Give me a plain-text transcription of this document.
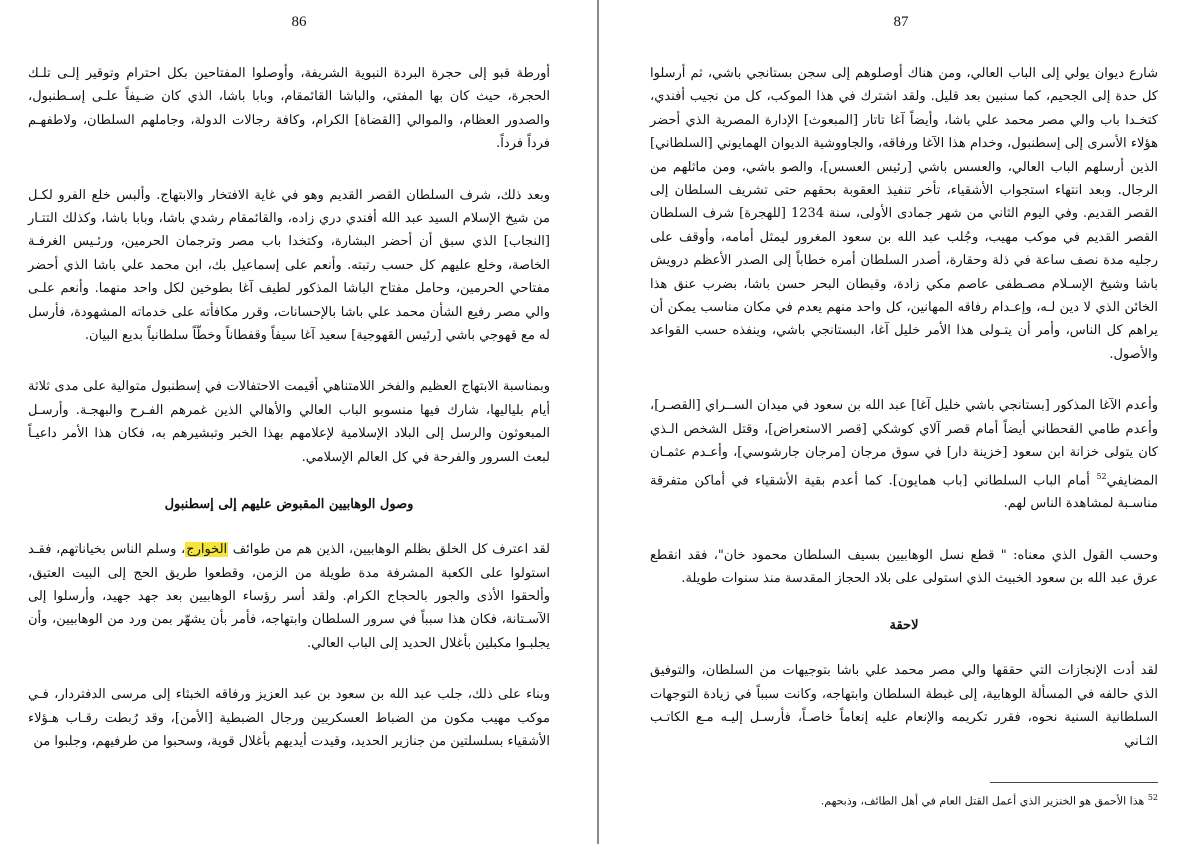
86

أورطة قبو إلى حجرة البردة النبوية الشريفة، وأوصلوا المفتاحين بكل احترام وتوقير إلـى تلـك الحجرة، حيث كان بها المفتي، والباشا القائمقام، وبابا باشا، الذي كان ضـيفاً علـى إسـطنبول، والصدور العظام، والموالي [القضاة] الكرام، وكافة رجالات الدولة، وجاملهم السلطان، ولاطفهـم فرداً فرداً.

وبعد ذلك، شرف السلطان القصر القديم وهو في غاية الافتخار والابتهاج. وألبس خلع الفرو لكـل من شيخ الإسلام السيد عبد الله أفندي دري زاده، والقائمقام رشدي باشا، وبابا باشا، وكذلك التتـار [النجاب] الذي سبق أن أحضر البشارة، وكتخدا باب مصر وترجمان الحرمين، ورئـيس الغرفـة الخاصة، وخلع عليهم كل حسب رتبته. وأنعم على إسماعيل بك، ابن محمد علي باشا الذي أحضر مفتاحي الحرمين، وحامل مفتاح الباشا المذكور لطيف آغا بطوخين لكل واحد منهما. وأنعم علـى والي مصر رفيع الشأن محمد علي باشا بالإحسانات، وقرر مكافأته على خدماته المشهودة، فأرسل له مع قهوجي باشي [رئيس القهوجية] سعيد آغا سيفاً وقفطاناً وخطّاً سلطانياً بديع البيان.

وبمناسبة الابتهاج العظيم والفخر اللامتناهي أقيمت الاحتفالات في إسطنبول متوالية على مدى ثلاثة أيام بلياليها، شارك فيها منسوبو الباب العالي والأهالي الذين غمرهم الفـرح والبهجـة. وأرسـل المبعوثون والرسل إلى البلاد الإسلامية لإعلامهم بهذا الخبر وتبشيرهم به، فكان هذا الأمر داعيـاً لبعث السرور والفرحة في كل العالم الإسلامي.

وصول الوهابيين المقبوض عليهم إلى إسطنبول

لقد اعترف كل الخلق بظلم الوهابيين، الذين هم من طوائف الخوارج، وسلم الناس بخياناتهم، فقـد استولوا على الكعبة المشرفة مدة طويلة من الزمن، وقطعوا طريق الحج إلى البيت العتيق، وألحقوا الأذى والجور بالحجاج الكرام. ولقد أسر رؤساء الوهابيين بعد جهد جهيد، وأرسلوا إلى الآسـتانة، فكان هذا سبباً في سرور السلطان وابتهاجه، فأمر بأن يشهّر بمن ورد من الوهابيين، وأن يجلبـوا مكبلين بأغلال الحديد إلى الباب العالي.

وبناء على ذلك، جلب عبد الله بن سعود بن عبد العزيز ورفاقه الخبثاء إلى مرسى الدفتردار، فـي موكب مهيب مكون من الضباط العسكريين ورجال الضبطية [الأمن]، وقد رُبطت رقـاب هـؤلاء الأشقياء بسلسلتين من جنازير الحديد، وقيدت أيديهم بأغلال قوية، وسحبوا من طرفيهم، وجلبوا من

87

شارع ديوان يولي إلى الباب العالي، ومن هناك أوصلوهم إلى سجن بستانجي باشي، ثم أرسلوا كل حدة إلى الجحيم، كما سنبين بعد قليل. ولقد اشترك في هذا الموكب، كل من نجيب أفندي، كتخـدا باب والي مصر محمد علي باشا، وأيضاً آغا تاتار [المبعوث] الإدارة المصرية الذي أحضر هؤلاء الأسرى إلى إسطنبول، وخدام هذا الآغا ورفاقه، والجاووشية الديوان الهمايوني [السلطاني] الذين أرسلهم الباب العالي، والعسس باشي [رئيس العسس]، والصو باشي، ومن ماثلهم من الرجال. وبعد انتهاء استجواب الأشقياء، تأخر تنفيذ العقوبة بحقهم حتى تشريف السلطان إلى القصر القديم. وفي اليوم الثاني من شهر جمادى الأولى، سنة 1234 [للهجرة] شرف السلطان القصر القديم في موكب مهيب، وجُلب عبد الله بن سعود المغرور ليمثل أمامه، وأوقف على رجليه مدة نصف ساعة في ذلة وحقارة، أصدر السلطان أمره خطاباً إلى الصدر الأعظم درويش باشا وشيخ الإسـلام مصـطفى عاصم مكي زادة، وقبطان البحر حسن باشا، بضرب عنق هذا الخائن الذي لا دين لـه، وإعـدام رفاقه المهانين، كل واحد منهم يعدم في مكان مناسب يمكن أن يراهم كل الناس، وأمر أن يتـولى هذا الأمر خليل آغا، البستانجي باشي، وينفذه حسب القواعد والأصول.

وأعدم الآغا المذكور [بستانجي باشي خليل آغا] عبد الله بن سعود في ميدان الســراي [القصـر]، وأعدم طامي القحطاني أيضاً أمام قصر آلاي كوشكي [قصر الاستعراض]، وقتل الشخص الـذي كان يتولى خزانة ابن سعود [خزينة دار] في سوق مرجان [مرجان جارشوسي]، وأعـدم عثمـان المضايفي$^{52}$ أمام الباب السلطاني [باب همايون]. كما أعدم بقية الأشقياء في أماكن متفرقة مناسـبة لمشاهدة الناس لهم.

وحسب القول الذي معناه: " قطع نسل الوهابيين بسيف السلطان محمود خان"، فقد انقطع عرق عبد الله بن سعود الخبيث الذي استولى على بلاد الحجاز المقدسة منذ سنوات طويلة.

لاحقة

لقد أدت الإنجازات التي حققها والي مصر محمد علي باشا بتوجيهات من السلطان، والتوفيق الذي حالفه في المسألة الوهابية، إلى غبطة السلطان وابتهاجه، وكانت سبباً في زيادة التوجهات السلطانية السنية نحوه، فقرر تكريمه والإنعام عليه إنعاماً خاصـاً، فأرسـل إليـه مـع الكاتـب الثـاني

$^{52}$ هذا الأحمق هو الخنزير الذي أعمل القتل العام في أهل الطائف، وذبحهم.
